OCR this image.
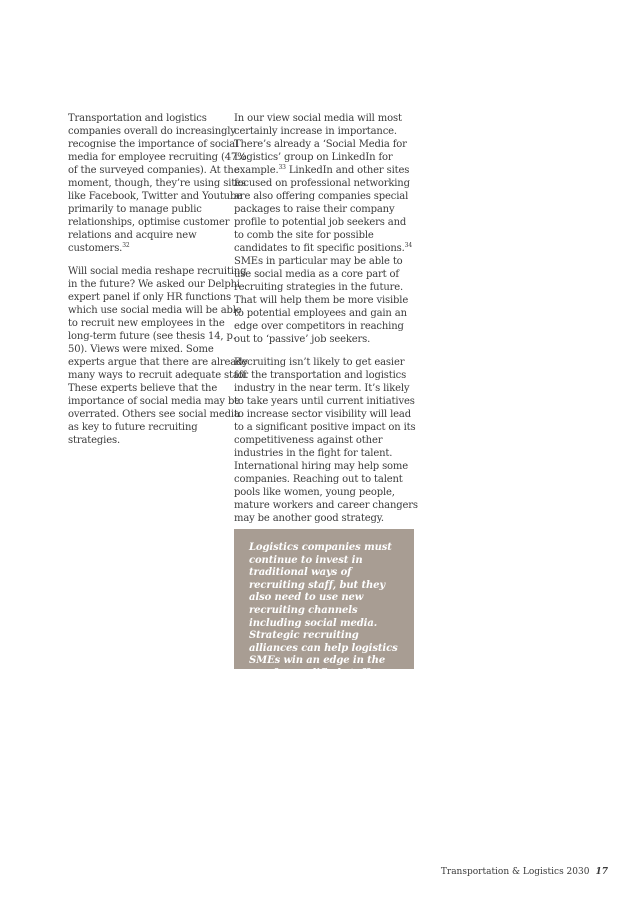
Transportation and logistics companies overall do increasingly recognise the importance of social media for employee recruiting (47% of the surveyed companies). At the moment, though, they’re using sites like Facebook, Twitter and Youtube primarily to manage public relationships, optimise customer relations and acquire new customers.$^{32}$

Will social media reshape recruiting in the future? We asked our Delphi expert panel if only HR functions which use social media will be able to recruit new employees in the long-term future (see thesis 14, p. 50). Views were mixed. Some experts argue that there are already many ways to recruit adequate staff. These experts believe that the importance of social media may be overrated. Others see social media as key to future recruiting strategies.

In our view social media will most certainly increase in importance. There’s already a ‘Social Media for Logistics’ group on LinkedIn for example.$^{33}$ LinkedIn and other sites focused on professional networking are also offering companies special packages to raise their company profile to potential job seekers and to comb the site for possible candidates to fit specific positions.$^{34}$ SMEs in particular may be able to use social media as a core part of recruiting strategies in the future. That will help them be more visible to potential employees and gain an edge over competitors in reaching out to ‘passive’ job seekers.

Recruiting isn’t likely to get easier for the transportation and logistics industry in the near term. It’s likely to take years until current initiatives to increase sector visibility will lead to a significant positive impact on its competitiveness against other industries in the fight for talent. International hiring may help some companies. Reaching out to talent pools like women, young people, mature workers and career changers may be another good strategy.

Logistics companies must continue to invest in traditional ways of recruiting staff, but they also need to use new recruiting channels including social media. Strategic recruiting alliances can help logistics SMEs win an edge in the war for qualified staff.

Transportation & Logistics 2030 17
